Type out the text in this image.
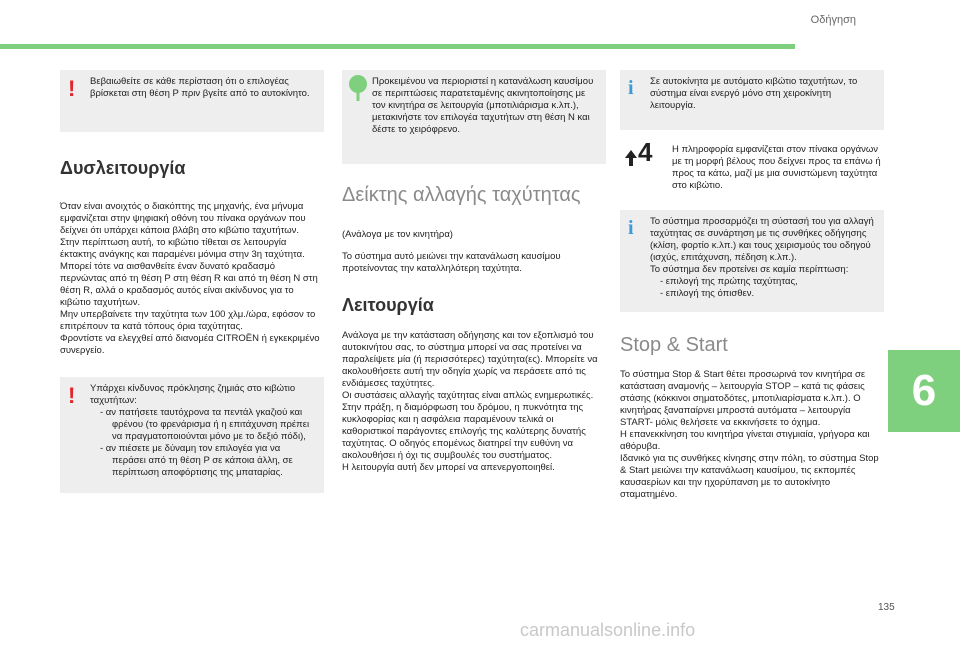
Οδήγηση
6
135
! Βεβαιωθείτε σε κάθε περίσταση ότι ο επιλογέας βρίσκεται στη θέση P πριν βγείτε από το αυτοκίνητο.

Δυσλειτουργία

Όταν είναι ανοιχτός ο διακόπτης της μηχανής, ένα μήνυμα εμφανίζεται στην ψηφιακή οθόνη του πίνακα οργάνων που δείχνει ότι υπάρχει κάποια βλάβη στο κιβώτιο ταχυτήτων.

Στην περίπτωση αυτή, το κιβώτιο τίθεται σε λειτουργία έκτακτης ανάγκης και παραμένει μόνιμα στην 3η ταχύτητα. Μπορεί τότε να αισθανθείτε έναν δυνατό κραδασμό περνώντας από τη θέση P στη θέση R και από τη θέση N στη θέση R, αλλά ο κραδασμός αυτός είναι ακίνδυνος για το κιβώτιο ταχυτήτων.

Μην υπερβαίνετε την ταχύτητα των 100 χλμ./ώρα, εφόσον το επιτρέπουν τα κατά τόπους όρια ταχύτητας.

Φροντίστε να ελεγχθεί από διανομέα CITROËN ή εγκεκριμένο συνεργείο.

! Υπάρχει κίνδυνος πρόκλησης ζημιάς στο κιβώτιο ταχυτήτων:

- αν πατήσετε ταυτόχρονα τα πεντάλ γκαζιού και φρένου (το φρενάρισμα ή η επιτάχυνση πρέπει να πραγματοποιούνται μόνο με το δεξιό πόδι),

- αν πιέσετε με δύναμη τον επιλογέα για να περάσει από τη θέση P σε κάποια άλλη, σε περίπτωση αποφόρτισης της μπαταρίας.

Προκειμένου να περιοριστεί η κατανάλωση καυσίμου σε περιπτώσεις παρατεταμένης ακινητοποίησης με τον κινητήρα σε λειτουργία (μποτιλιάρισμα κ.λπ.), μετακινήστε τον επιλογέα ταχυτήτων στη θέση N και δέστε το χειρόφρενο.

Δείκτης αλλαγής ταχύτητας

(Ανάλογα με τον κινητήρα)

Το σύστημα αυτό μειώνει την κατανάλωση καυσίμου προτείνοντας την καταλληλότερη ταχύτητα.

Λειτουργία

Ανάλογα με την κατάσταση οδήγησης και τον εξοπλισμό του αυτοκινήτου σας, το σύστημα μπορεί να σας προτείνει να παραλείψετε μία (ή περισσότερες) ταχύτητα(ες). Μπορείτε να ακολουθήσετε αυτή την οδηγία χωρίς να περάσετε από τις ενδιάμεσες ταχύτητες.

Οι συστάσεις αλλαγής ταχύτητας είναι απλώς ενημερωτικές. Στην πράξη, η διαμόρφωση του δρόμου, η πυκνότητα της κυκλοφορίας και η ασφάλεια παραμένουν τελικά οι καθοριστικοί παράγοντες επιλογής της καλύτερης δυνατής ταχύτητας. Ο οδηγός επομένως διατηρεί την ευθύνη να ακολουθήσει ή όχι τις συμβουλές του συστήματος.

Η λειτουργία αυτή δεν μπορεί να απενεργοποιηθεί.

i Σε αυτοκίνητα με αυτόματο κιβώτιο ταχυτήτων, το σύστημα είναι ενεργό μόνο στη χειροκίνητη λειτουργία.

4 Η πληροφορία εμφανίζεται στον πίνακα οργάνων με τη μορφή βέλους που δείχνει προς τα επάνω ή προς τα κάτω, μαζί με μια συνιστώμενη ταχύτητα στο κιβώτιο.

i Το σύστημα προσαρμόζει τη σύστασή του για αλλαγή ταχύτητας σε συνάρτηση με τις συνθήκες οδήγησης (κλίση, φορτίο κ.λπ.) και τους χειρισμούς του οδηγού (ισχύς, επιτάχυνση, πέδηση κ.λπ.).

Το σύστημα δεν προτείνει σε καμία περίπτωση:

- επιλογή της πρώτης ταχύτητας,

- επιλογή της όπισθεν.

Stop & Start

Το σύστημα Stop & Start θέτει προσωρινά τον κινητήρα σε κατάσταση αναμονής – λειτουργία STOP – κατά τις φάσεις στάσης (κόκκινοι σηματοδότες, μποτιλιαρίσματα κ.λπ.). Ο κινητήρας ξαναπαίρνει μπροστά αυτόματα – λειτουργία START- μόλις θελήσετε να εκκινήσετε το όχημα.

Η επανεκκίνηση του κινητήρα γίνεται στιγμιαία, γρήγορα και αθόρυβα.

Ιδανικό για τις συνθήκες κίνησης στην πόλη, το σύστημα Stop & Start μειώνει την κατανάλωση καυσίμου, τις εκπομπές καυσαερίων και την ηχορύπανση με το αυτοκίνητο σταματημένο.

carmanualsonline.info
